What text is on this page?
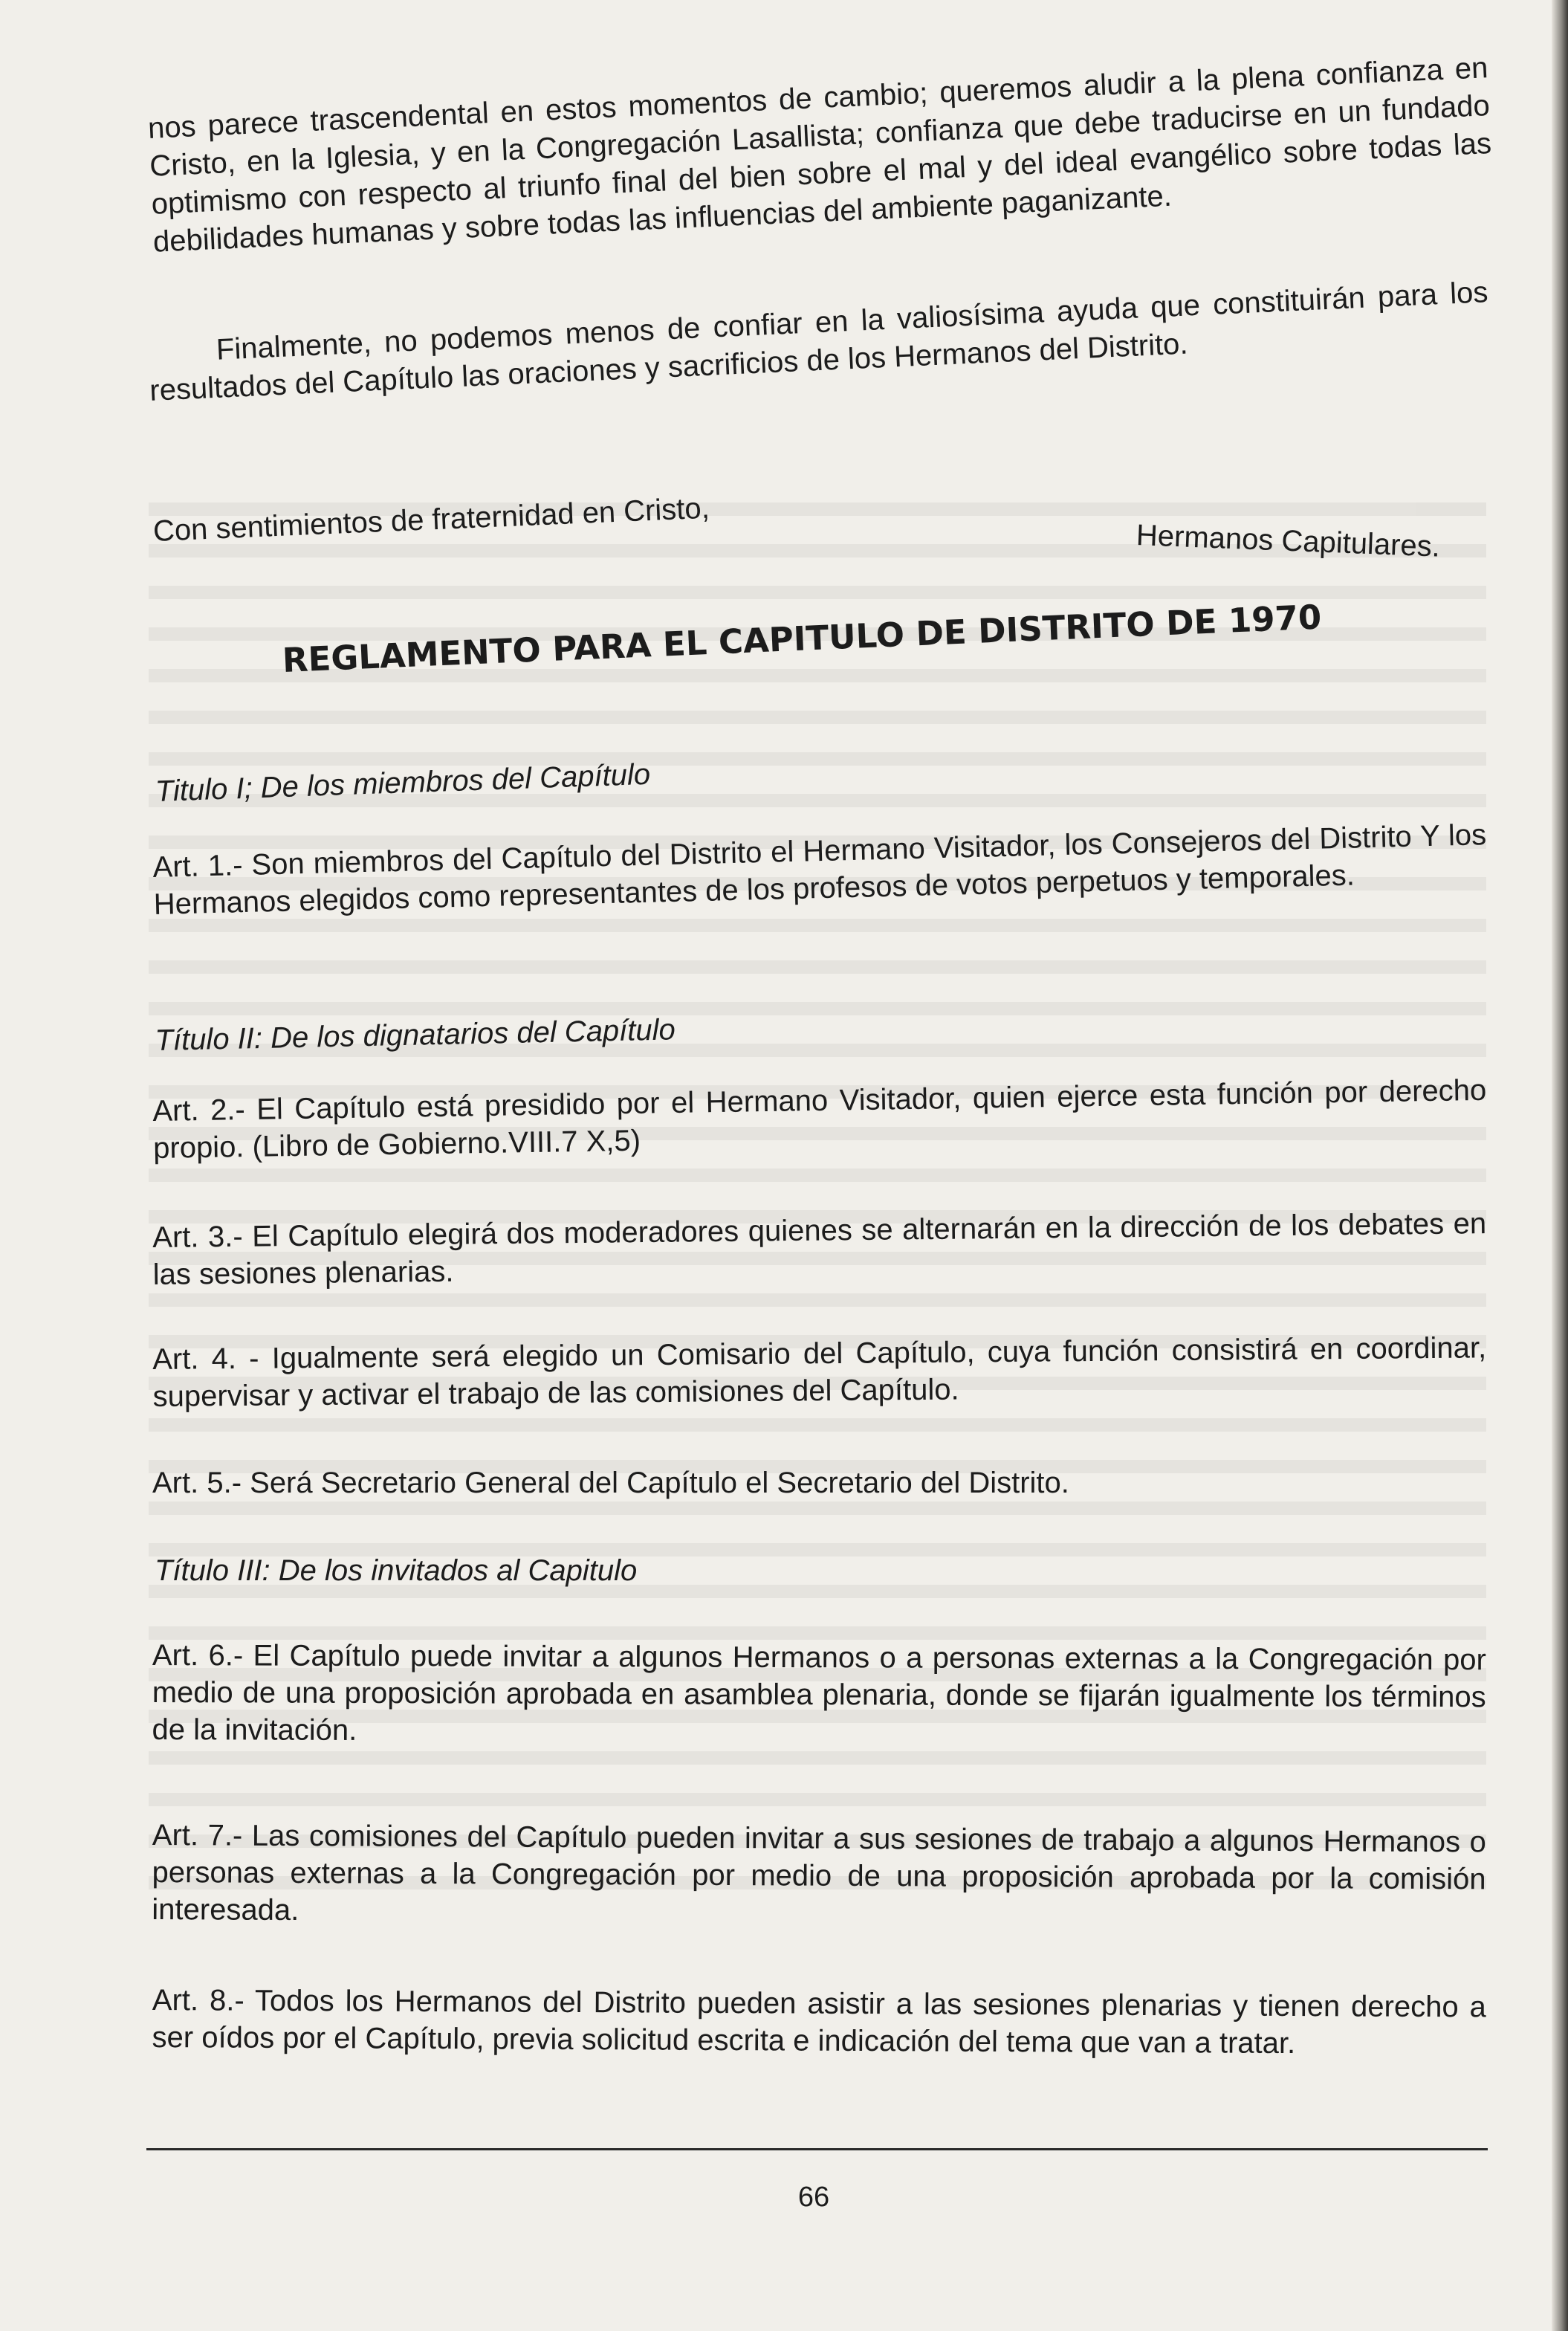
nos parece trascendental en estos momentos de cambio; queremos aludir a la plena confianza en Cristo, en la Iglesia, y en la Congregación Lasallista; confianza que debe traducirse en un fundado optimismo con respecto al triunfo final del bien sobre el mal y del ideal evangélico sobre todas las debilidades humanas y sobre todas las influencias del ambiente paganizante.

Finalmente, no podemos menos de confiar en la valiosísima ayuda que constituirán para los resultados del Capítulo las oraciones y sacrificios de los Hermanos del Distrito.

Con sentimientos de fraternidad en Cristo,	Hermanos Capitulares.

REGLAMENTO PARA EL CAPITULO DE DISTRITO DE 1970

Titulo I; De los miembros del Capítulo

Art. 1.- Son miembros del Capítulo del Distrito el Hermano Visitador, los Consejeros del Distrito Y los Hermanos elegidos como representantes de los profesos de votos perpetuos y temporales.

Título II: De los dignatarios del Capítulo

Art. 2.- El Capítulo está presidido por el Hermano Visitador, quien ejerce esta función por derecho propio. (Libro de Gobierno.VIII.7 X,5)

Art. 3.- El Capítulo elegirá dos moderadores quienes se alternarán en la dirección de los debates en las sesiones plenarias.

Art. 4. - Igualmente será elegido un Comisario del Capítulo, cuya función consistirá en coordinar, supervisar y activar el trabajo de las comisiones del Capítulo.

Art. 5.- Será Secretario General del Capítulo el Secretario del Distrito.

Título III: De los invitados al Capitulo

Art. 6.- El Capítulo puede invitar a algunos Hermanos o a personas externas a la Congregación por medio de una proposición aprobada en asamblea plenaria, donde se fijarán igualmente los términos de la invitación.

Art. 7.- Las comisiones del Capítulo pueden invitar a sus sesiones de trabajo a algunos Hermanos o personas externas a la Congregación por medio de una proposición aprobada por la comisión interesada.

Art. 8.- Todos los Hermanos del Distrito pueden asistir a las sesiones plenarias y tienen derecho a ser oídos por el Capítulo, previa solicitud escrita e indicación del tema que van a tratar.

66
